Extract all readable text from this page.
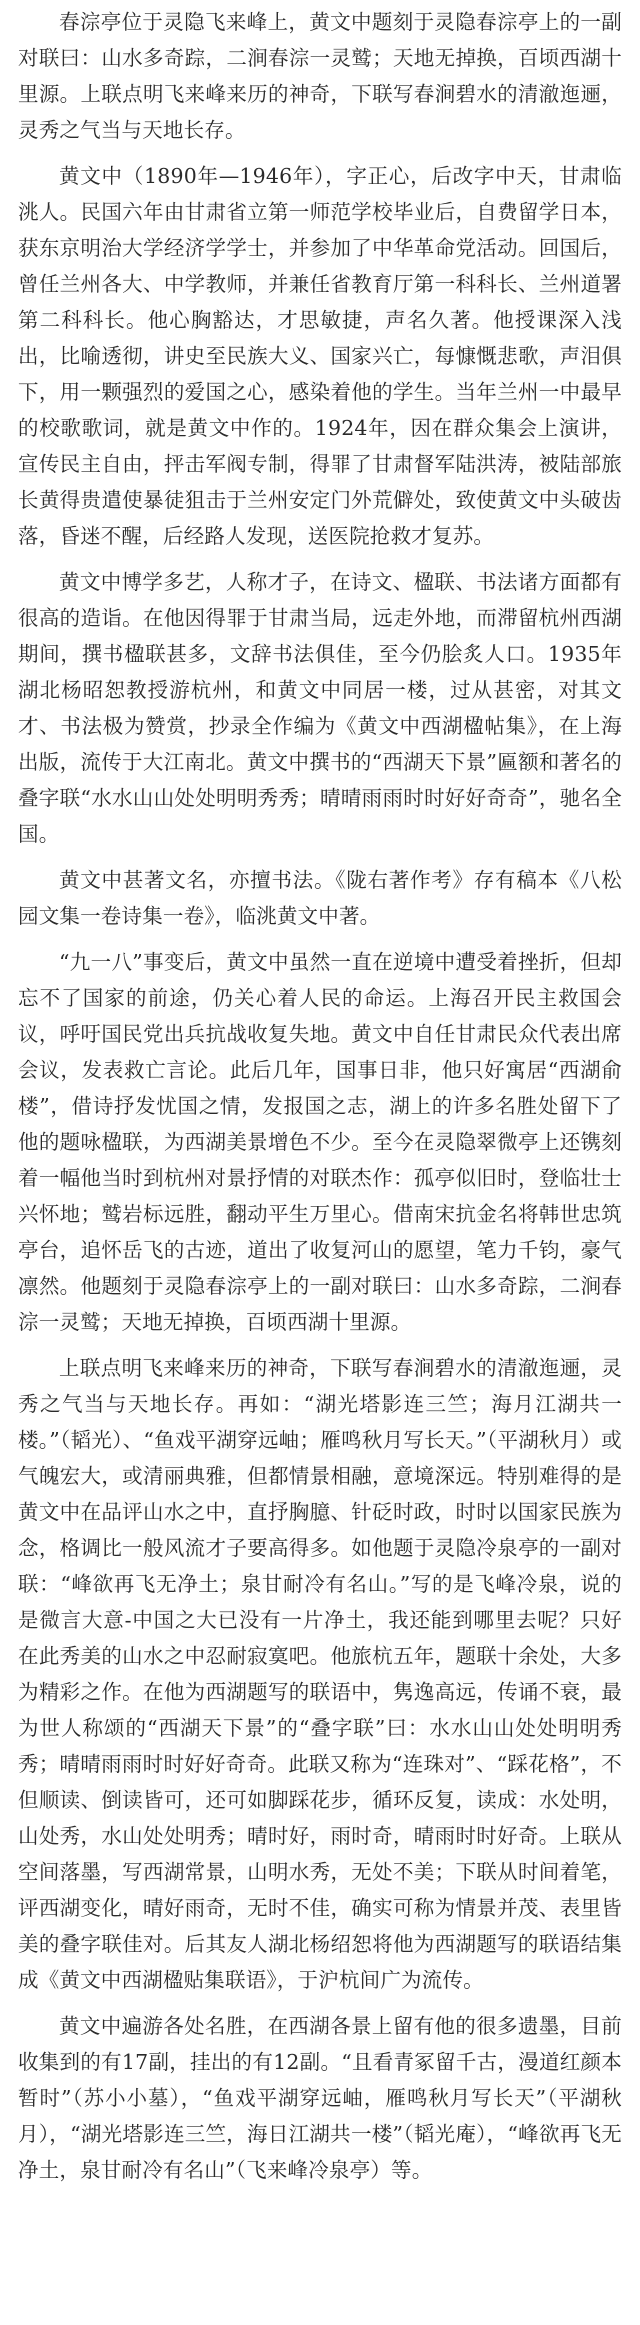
春淙亭位于灵隐飞来峰上，黄文中题刻于灵隐春淙亭上的一副对联曰：山水多奇踪，二涧春淙一灵鹫；天地无掉换，百顷西湖十里源。上联点明飞来峰来历的神奇，下联写春涧碧水的清澈迤逦，灵秀之气当与天地长存。

黄文中（1890年—1946年），字正心，后改字中天，甘肃临洮人。民国六年由甘肃省立第一师范学校毕业后，自费留学日本，获东京明治大学经济学学士，并参加了中华革命党活动。回国后，曾任兰州各大、中学教师，并兼任省教育厅第一科科长、兰州道署第二科科长。他心胸豁达，才思敏捷，声名久著。他授课深入浅出，比喻透彻，讲史至民族大义、国家兴亡，每慷慨悲歌，声泪俱下，用一颗强烈的爱国之心，感染着他的学生。当年兰州一中最早的校歌歌词，就是黄文中作的。1924年，因在群众集会上演讲，宣传民主自由，抨击军阀专制，得罪了甘肃督军陆洪涛，被陆部旅长黄得贵遣使暴徒狙击于兰州安定门外荒僻处，致使黄文中头破齿落，昏迷不醒，后经路人发现，送医院抢救才复苏。

黄文中博学多艺，人称才子，在诗文、楹联、书法诸方面都有很高的造诣。在他因得罪于甘肃当局，远走外地，而滞留杭州西湖期间，撰书楹联甚多，文辞书法俱佳，至今仍脍炙人口。1935年湖北杨昭恕教授游杭州，和黄文中同居一楼，过从甚密，对其文才、书法极为赞赏，抄录全作编为《黄文中西湖楹帖集》，在上海出版，流传于大江南北。黄文中撰书的“西湖天下景”匾额和著名的叠字联“水水山山处处明明秀秀；晴晴雨雨时时好好奇奇”，驰名全国。

黄文中甚著文名，亦擅书法。《陇右著作考》存有稿本《八松园文集一卷诗集一卷》，临洮黄文中著。

“九一八”事变后，黄文中虽然一直在逆境中遭受着挫折，但却忘不了国家的前途，仍关心着人民的命运。上海召开民主救国会议，呼吁国民党出兵抗战收复失地。黄文中自任甘肃民众代表出席会议，发表救亡言论。此后几年，国事日非，他只好寓居“西湖俞楼”，借诗抒发忧国之情，发报国之志，湖上的许多名胜处留下了他的题咏楹联，为西湖美景增色不少。至今在灵隐翠微亭上还镌刻着一幅他当时到杭州对景抒情的对联杰作：孤亭似旧时，登临壮士兴怀地；鹫岩标远胜，翻动平生万里心。借南宋抗金名将韩世忠筑亭台，追怀岳飞的古迹，道出了收复河山的愿望，笔力千钧，豪气凛然。他题刻于灵隐春淙亭上的一副对联曰：山水多奇踪，二涧春淙一灵鹫；天地无掉换，百顷西湖十里源。

上联点明飞来峰来历的神奇，下联写春涧碧水的清澈迤逦，灵秀之气当与天地长存。再如：“湖光塔影连三竺；海月江湖共一楼。”（韬光）、“鱼戏平湖穿远岫；雁鸣秋月写长天。”（平湖秋月）或气魄宏大，或清丽典雅，但都情景相融，意境深远。特别难得的是黄文中在品评山水之中，直抒胸臆、针砭时政，时时以国家民族为念，格调比一般风流才子要高得多。如他题于灵隐冷泉亭的一副对联：“峰欲再飞无净土；泉甘耐冷有名山。”写的是飞峰冷泉，说的是微言大意-中国之大已没有一片净土，我还能到哪里去呢？只好在此秀美的山水之中忍耐寂寞吧。他旅杭五年，题联十余处，大多为精彩之作。在他为西湖题写的联语中，隽逸高远，传诵不衰，最为世人称颂的“西湖天下景”的“叠字联”曰：水水山山处处明明秀秀；晴晴雨雨时时好好奇奇。此联又称为“连珠对”、“踩花格”，不但顺读、倒读皆可，还可如脚踩花步，循环反复，读成：水处明，山处秀，水山处处明秀；晴时好，雨时奇，晴雨时时好奇。上联从空间落墨，写西湖常景，山明水秀，无处不美；下联从时间着笔，评西湖变化，晴好雨奇，无时不佳，确实可称为情景并茂、表里皆美的叠字联佳对。后其友人湖北杨绍恕将他为西湖题写的联语结集成《黄文中西湖楹贴集联语》，于沪杭间广为流传。

黄文中遍游各处名胜，在西湖各景上留有他的很多遗墨，目前收集到的有17副，挂出的有12副。“且看青冢留千古，漫道红颜本暂时”（苏小小墓），“鱼戏平湖穿远岫，雁鸣秋月写长天”（平湖秋月），“湖光塔影连三竺，海日江湖共一楼”（韬光庵），“峰欲再飞无净土，泉甘耐冷有名山”（飞来峰冷泉亭）等。
